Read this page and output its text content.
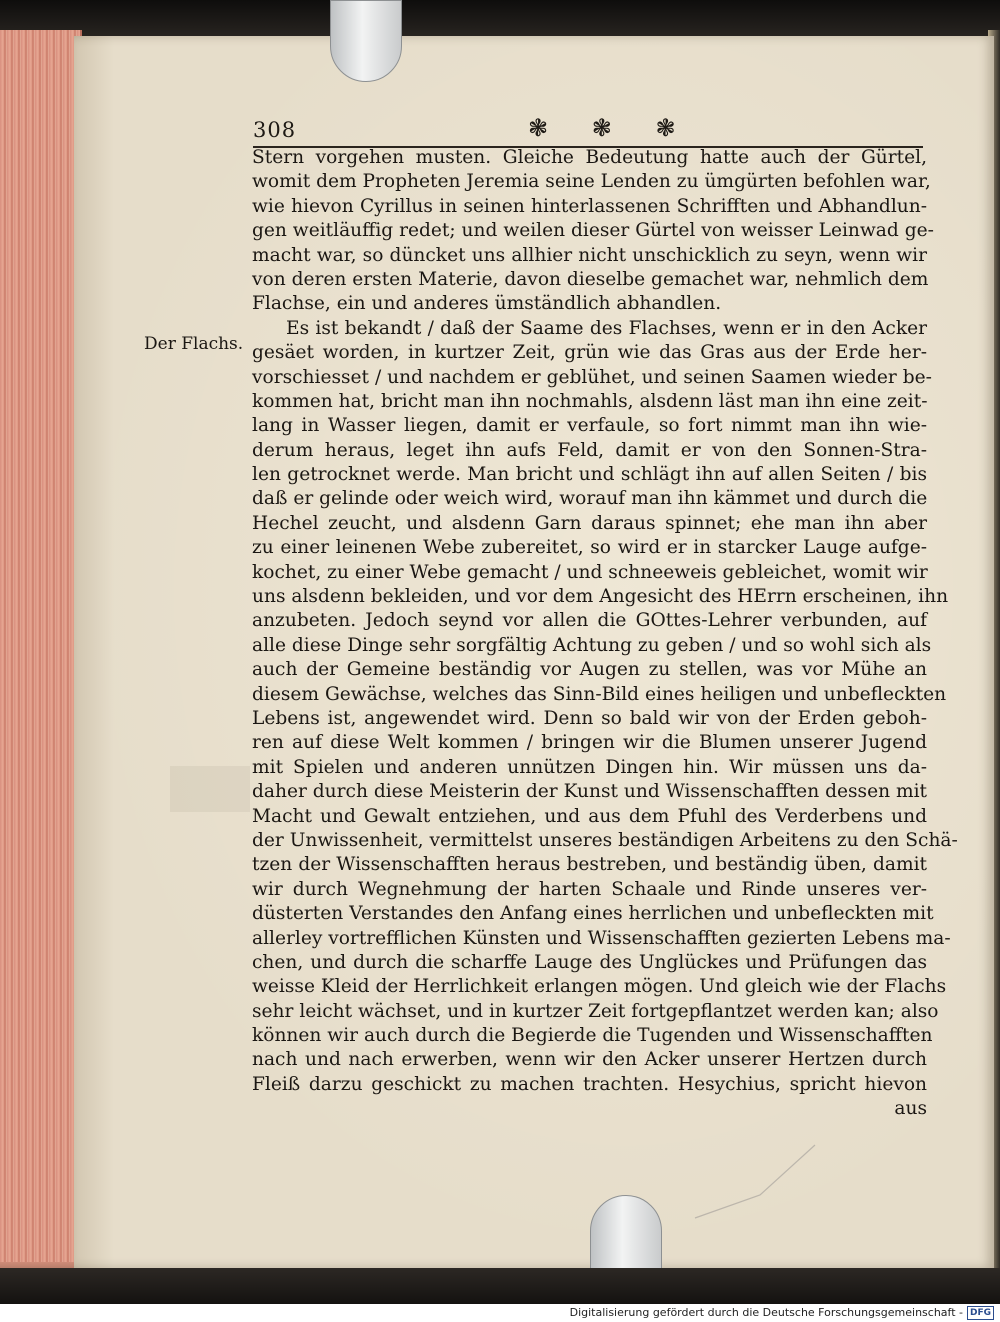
308	❃ ❃ ❃
Der Flachs.
Stern vorgehen musten. Gleiche Bedeutung hatte auch der Gürtel,
womit dem Propheten Jeremia seine Lenden zu ümgürten befohlen war,
wie hievon Cyrillus in seinen hinterlassenen Schrifften und Abhandlun-
gen weitläuffig redet; und weilen dieser Gürtel von weisser Leinwad ge-
macht war, so düncket uns allhier nicht unschicklich zu seyn, wenn wir
von deren ersten Materie, davon dieselbe gemachet war, nehmlich dem
Flachse, ein und anderes ümständlich abhandlen.
Es ist bekandt / daß der Saame des Flachses, wenn er in den Acker
gesäet worden, in kurtzer Zeit, grün wie das Gras aus der Erde her-
vorschiesset / und nachdem er geblühet, und seinen Saamen wieder be-
kommen hat, bricht man ihn nochmahls, alsdenn läst man ihn eine zeit-
lang in Wasser liegen, damit er verfaule, so fort nimmt man ihn wie-
derum heraus, leget ihn aufs Feld, damit er von den Sonnen-Stra-
len getrocknet werde. Man bricht und schlägt ihn auf allen Seiten / bis
daß er gelinde oder weich wird, worauf man ihn kämmet und durch die
Hechel zeucht, und alsdenn Garn daraus spinnet; ehe man ihn aber
zu einer leinenen Webe zubereitet, so wird er in starcker Lauge aufge-
kochet, zu einer Webe gemacht / und schneeweis gebleichet, womit wir
uns alsdenn bekleiden, und vor dem Angesicht des HErrn erscheinen, ihn
anzubeten. Jedoch seynd vor allen die GOttes-Lehrer verbunden, auf
alle diese Dinge sehr sorgfältig Achtung zu geben / und so wohl sich als
auch der Gemeine beständig vor Augen zu stellen, was vor Mühe an
diesem Gewächse, welches das Sinn-Bild eines heiligen und unbefleckten
Lebens ist, angewendet wird. Denn so bald wir von der Erden geboh-
ren auf diese Welt kommen / bringen wir die Blumen unserer Jugend
mit Spielen und anderen unnützen Dingen hin. Wir müssen uns da-
daher durch diese Meisterin der Kunst und Wissenschafften dessen mit
Macht und Gewalt entziehen, und aus dem Pfuhl des Verderbens und
der Unwissenheit, vermittelst unseres beständigen Arbeitens zu den Schä-
tzen der Wissenschafften heraus bestreben, und beständig üben, damit
wir durch Wegnehmung der harten Schaale und Rinde unseres ver-
düsterten Verstandes den Anfang eines herrlichen und unbefleckten mit
allerley vortrefflichen Künsten und Wissenschafften gezierten Lebens ma-
chen, und durch die scharffe Lauge des Unglückes und Prüfungen das
weisse Kleid der Herrlichkeit erlangen mögen. Und gleich wie der Flachs
sehr leicht wächset, und in kurtzer Zeit fortgepflantzet werden kan; also
können wir auch durch die Begierde die Tugenden und Wissenschafften
nach und nach erwerben, wenn wir den Acker unserer Hertzen durch
Fleiß darzu geschickt zu machen trachten. Hesychius, spricht hievon
aus
Digitalisierung gefördert durch die Deutsche Forschungsgemeinschaft - DFG
